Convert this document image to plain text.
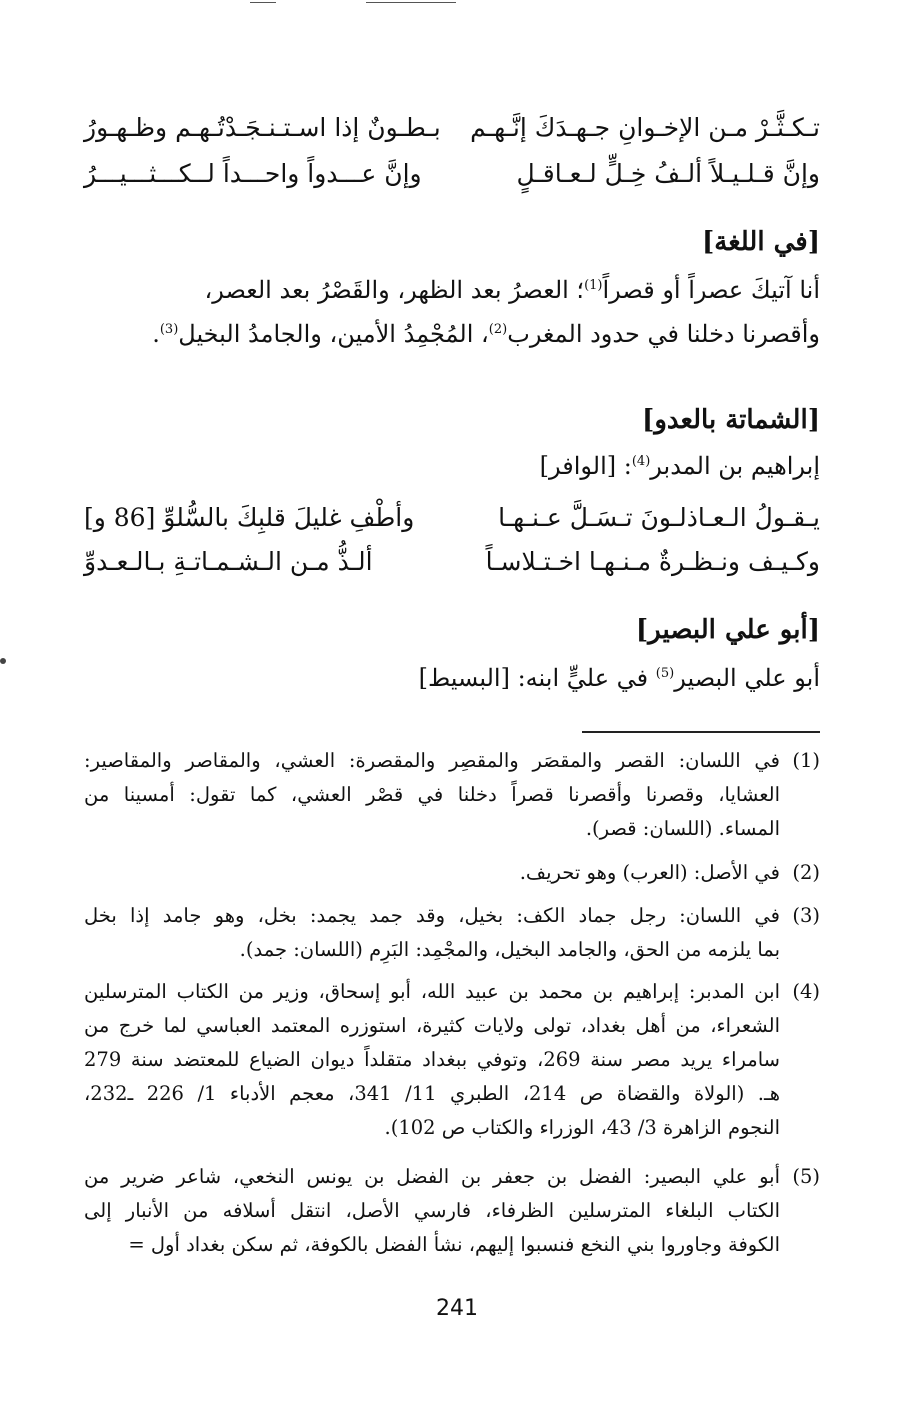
تـكـثَّـرْ مـن الإخـوانِ جـهـدَكَ إنَّـهـم
بـطـونٌ إذا اسـتـنـجَـدْتُـهـم وظـهـورُ
وإنَّ قـلـيـلاً ألـفُ خِـلٍّ لـعـاقـلٍ
وإنَّ عـــدواً واحـــداً لــكـــثـــيـــرُ
[في اللغة]
أنا آتيكَ عصراً أو قصراً$^{(1)}$؛ العصرُ بعد الظهر، والقَصْرُ بعد العصر،
وأقصرنا دخلنا في حدود المغرب$^{(2)}$، المُجْمِدُ الأمين، والجامدُ البخيل$^{(3)}$.
[الشماتة بالعدو]
إبراهيم بن المدبر$^{(4)}$: [الوافر]
يـقـولُ الـعـاذلـونَ تـسَـلَّ عـنـهـا
وأطْفِ غليلَ قلبِكَ بالسُّلوِّ [86 و]
وكـيـف ونـظـرةٌ مـنـهـا اخـتـلاسـاً
ألـذُّ مـن الـشـمـاتـةِ بـالـعـدوِّ
[أبو علي البصير]
أبو علي البصير$^{(5)}$ في عليٍّ ابنه: [البسيط]
(1)
في اللسان: القصر والمقصَر والمقصِر والمقصرة: العشي، والمقاصر والمقاصير:
العشايا، وقصرنا وأقصرنا قصراً دخلنا في قصْر العشي، كما تقول: أمسينا من
المساء. (اللسان: قصر).
(2)
في الأصل: (العرب) وهو تحريف.
(3)
في اللسان: رجل جماد الكف: بخيل، وقد جمد يجمد: بخل، وهو جامد إذا بخل
بما يلزمه من الحق، والجامد البخيل، والمجْمِد: البَرِم (اللسان: جمد).
(4)
ابن المدبر: إبراهيم بن محمد بن عبيد الله، أبو إسحاق، وزير من الكتاب المترسلين
الشعراء، من أهل بغداد، تولى ولايات كثيرة، استوزره المعتمد العباسي لما خرج من
سامراء يريد مصر سنة 269، وتوفي ببغداد متقلداً ديوان الضياع للمعتضد سنة 279
هـ. (الولاة والقضاة ص 214، الطبري 11/ 341، معجم الأدباء 1/ 226 ـ232،
النجوم الزاهرة 3/ 43، الوزراء والكتاب ص 102).
(5)
أبو علي البصير: الفضل بن جعفر بن الفضل بن يونس النخعي، شاعر ضرير من
الكتاب البلغاء المترسلين الظرفاء، فارسي الأصل، انتقل أسلافه من الأنبار إلى
الكوفة وجاوروا بني النخع فنسبوا إليهم، نشأ الفضل بالكوفة، ثم سكن بغداد أول =
241
